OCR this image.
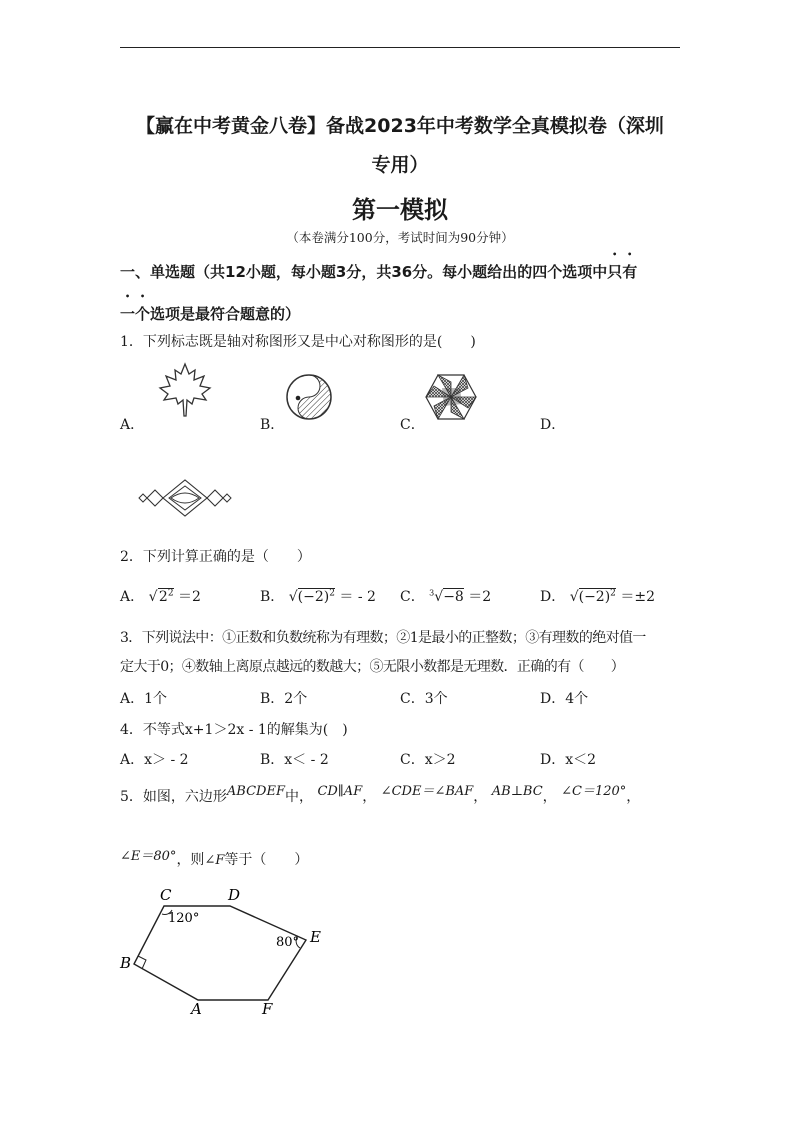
【赢在中考黄金八卷】备战2023年中考数学全真模拟卷（深圳
专用）
第一模拟
（本卷满分100分，考试时间为90分钟）
一、单选题（共12小题，每小题3分，共36分。每小题给出的四个选项中只有
一个选项是最符合题意的）
1．下列标志既是轴对称图形又是中心对称图形的是(　　)
A．	B．	C．	D．
2．下列计算正确的是（　　）
A． √ $2^2 =2$	B． $√(-2)^2$ ＝ - 2 C． $^3$√−8 ＝2	D． $√(-2)^2 =\pm 2$
3．下列说法中：①正数和负数统称为有理数；②1是最小的正整数；③有理数的绝对值一
定大于0；④数轴上离原点越远的数越大；⑤无限小数都是无理数．正确的有（　　）
A．1个	B．2个	C．3个	D．4个
4．不等式x+1＞2x - 1的解集为(　)
A．x＞ - 2	B．x＜ - 2	C．x＞2	D．x＜2
5．如图，六边形ABCDEF中， CD∥AF， ∠CDE＝∠BAF， AB⊥BC， ∠C＝120°，
∠E＝80°，则∠F等于（　　）
C	D
E
B
A	F
120°
80°
